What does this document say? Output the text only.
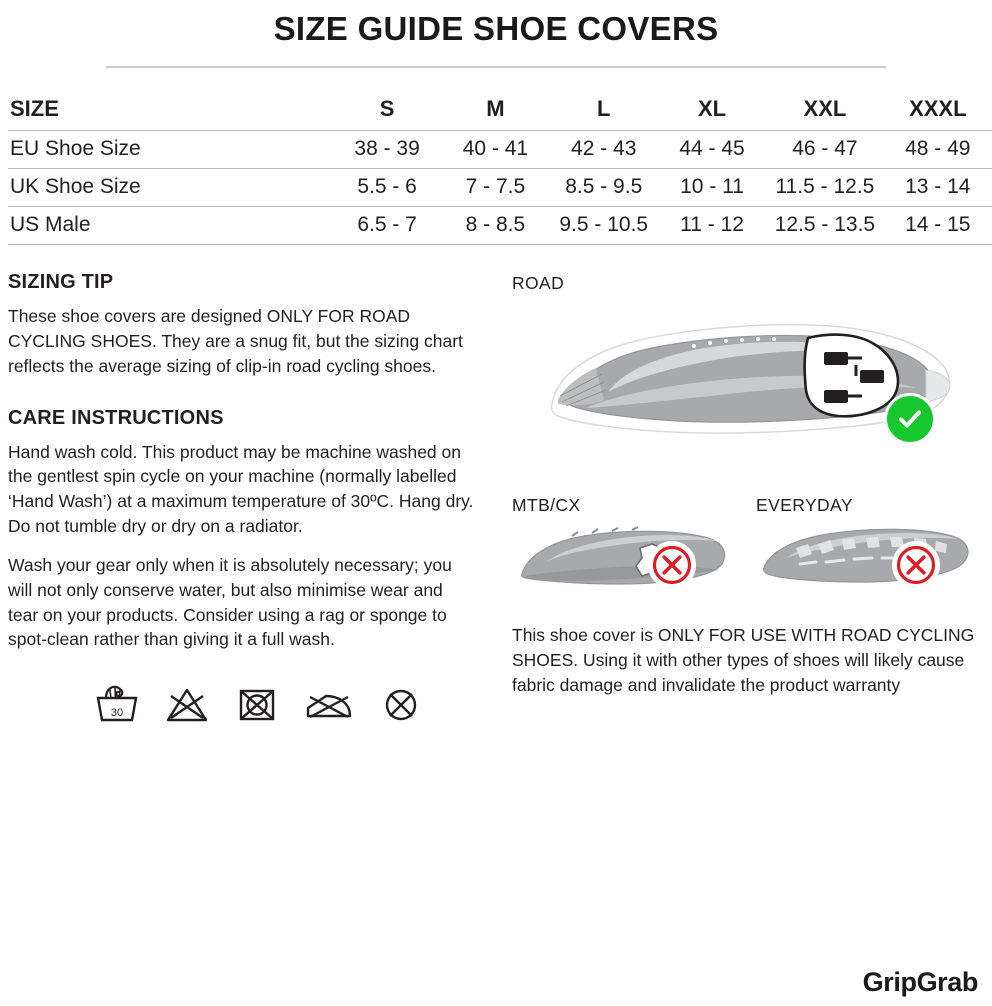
SIZE GUIDE SHOE COVERS
SIZE	S	M	L	XL	XXL	XXXL
EU Shoe Size	38 - 39	40 - 41	42 - 43	44 - 45	46 - 47	48 - 49
UK Shoe Size	5.5 - 6	7 - 7.5	8.5 - 9.5	10 - 11	11.5 - 12.5	13 - 14
US Male	6.5 - 7	8 - 8.5	9.5 - 10.5	11 - 12	12.5 - 13.5	14 - 15
SIZING TIP

These shoe covers are designed ONLY FOR ROAD CYCLING SHOES. They are a snug fit, but the sizing chart reflects the average sizing of clip-in road cycling shoes.

CARE INSTRUCTIONS

Hand wash cold. This product may be machine washed on the gentlest spin cycle on your machine (normally labelled ‘Hand Wash’) at a maximum temperature of 30ºC. Hang dry. Do not tumble dry or dry on a radiator.

Wash your gear only when it is absolutely necessary; you will not only conserve water, but also minimise wear and tear on your products. Consider using a rag or sponge to spot-clean rather than giving it a full wash.

30

ROAD

MTB/CX	EVERYDAY

This shoe cover is ONLY FOR USE WITH ROAD CYCLING SHOES. Using it with other types of shoes will likely cause fabric damage and invalidate the product warranty

GripGrab
